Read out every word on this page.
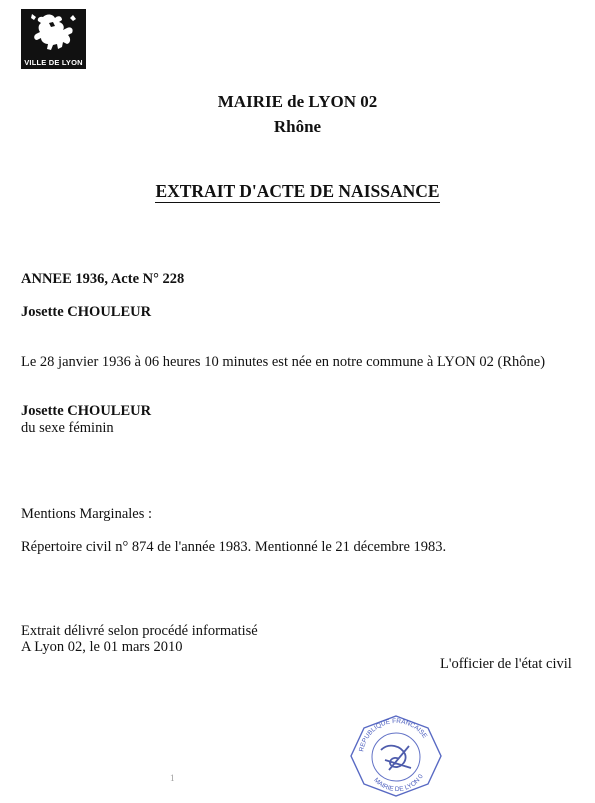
VILLE DE LYON
MAIRIE de LYON 02
Rhône
EXTRAIT D'ACTE DE NAISSANCE
ANNEE 1936, Acte N° 228
Josette CHOULEUR
Le 28 janvier 1936 à 06 heures 10 minutes est née en notre commune à LYON 02 (Rhône)
Josette CHOULEUR
du sexe féminin
Mentions Marginales :
Répertoire civil n° 874 de l'année 1983. Mentionné le 21 décembre 1983.
Extrait délivré selon procédé informatisé
A Lyon 02, le 01 mars 2010
L'officier de l'état civil
REPUBLIQUE FRANCAISE
MAIRIE DE LYON 0
1
